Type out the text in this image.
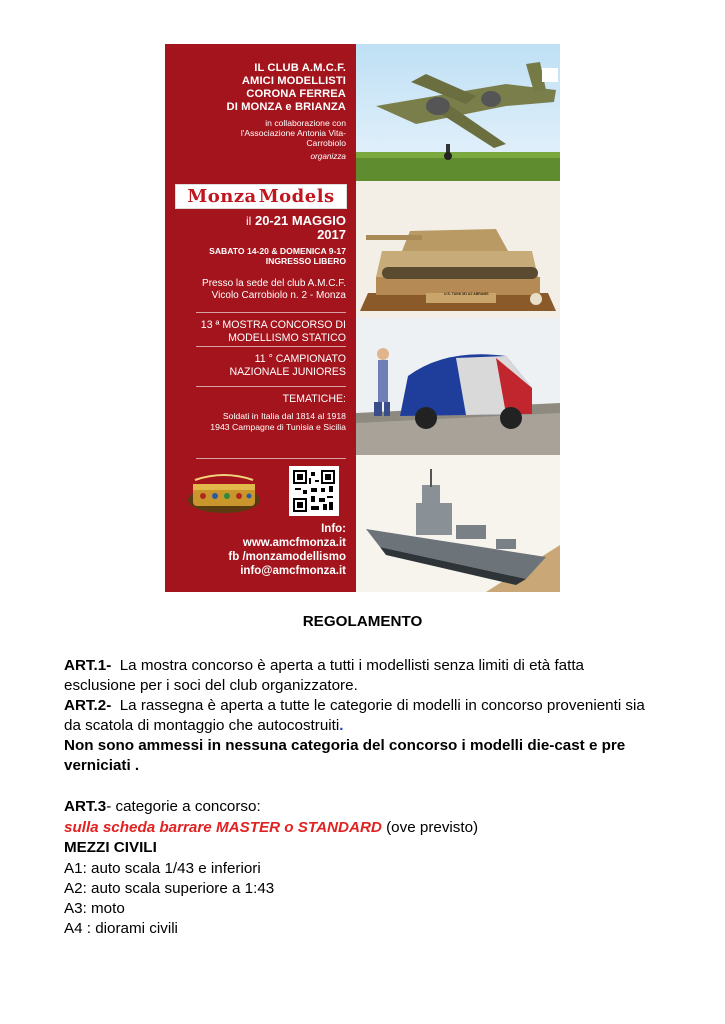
IL CLUB A.M.C.F.
AMICI MODELLISTI
CORONA FERREA
DI MONZA e BRIANZA
in collaborazione con
l'Associazione Antonia Vita-
Carrobiolo
organizza
Monza Models
il 20-21 MAGGIO
2017
SABATO 14-20 & DOMENICA 9-17
INGRESSO LIBERO
Presso la sede del club A.M.C.F.
Vicolo Carrobiolo n. 2 - Monza
13 ª MOSTRA CONCORSO DI
MODELLISMO STATICO
11 ° CAMPIONATO
NAZIONALE JUNIORES
TEMATICHE:
Soldati in Italia dal 1814 al 1918
1943 Campagne di Tunisia e Sicilia
Info:
www.amcfmonza.it
fb /monzamodellismo
info@amcfmonza.it
U.S. TANK M1 A2 ABRAMS
REGOLAMENTO
ART.1- La mostra concorso è aperta a tutti i modellisti senza limiti di età fatta
esclusione per i soci del club organizzatore.
ART.2- La rassegna è aperta a tutte le categorie di modelli in concorso provenienti sia
da scatola di montaggio che autocostruiti.
Non sono ammessi in nessuna categoria del concorso i modelli die-cast e pre
verniciati .
ART.3- categorie a concorso:
sulla scheda barrare MASTER o STANDARD (ove previsto)
MEZZI CIVILI
A1: auto scala 1/43 e inferiori
A2: auto scala superiore a 1:43
A3: moto
A4 : diorami civili
